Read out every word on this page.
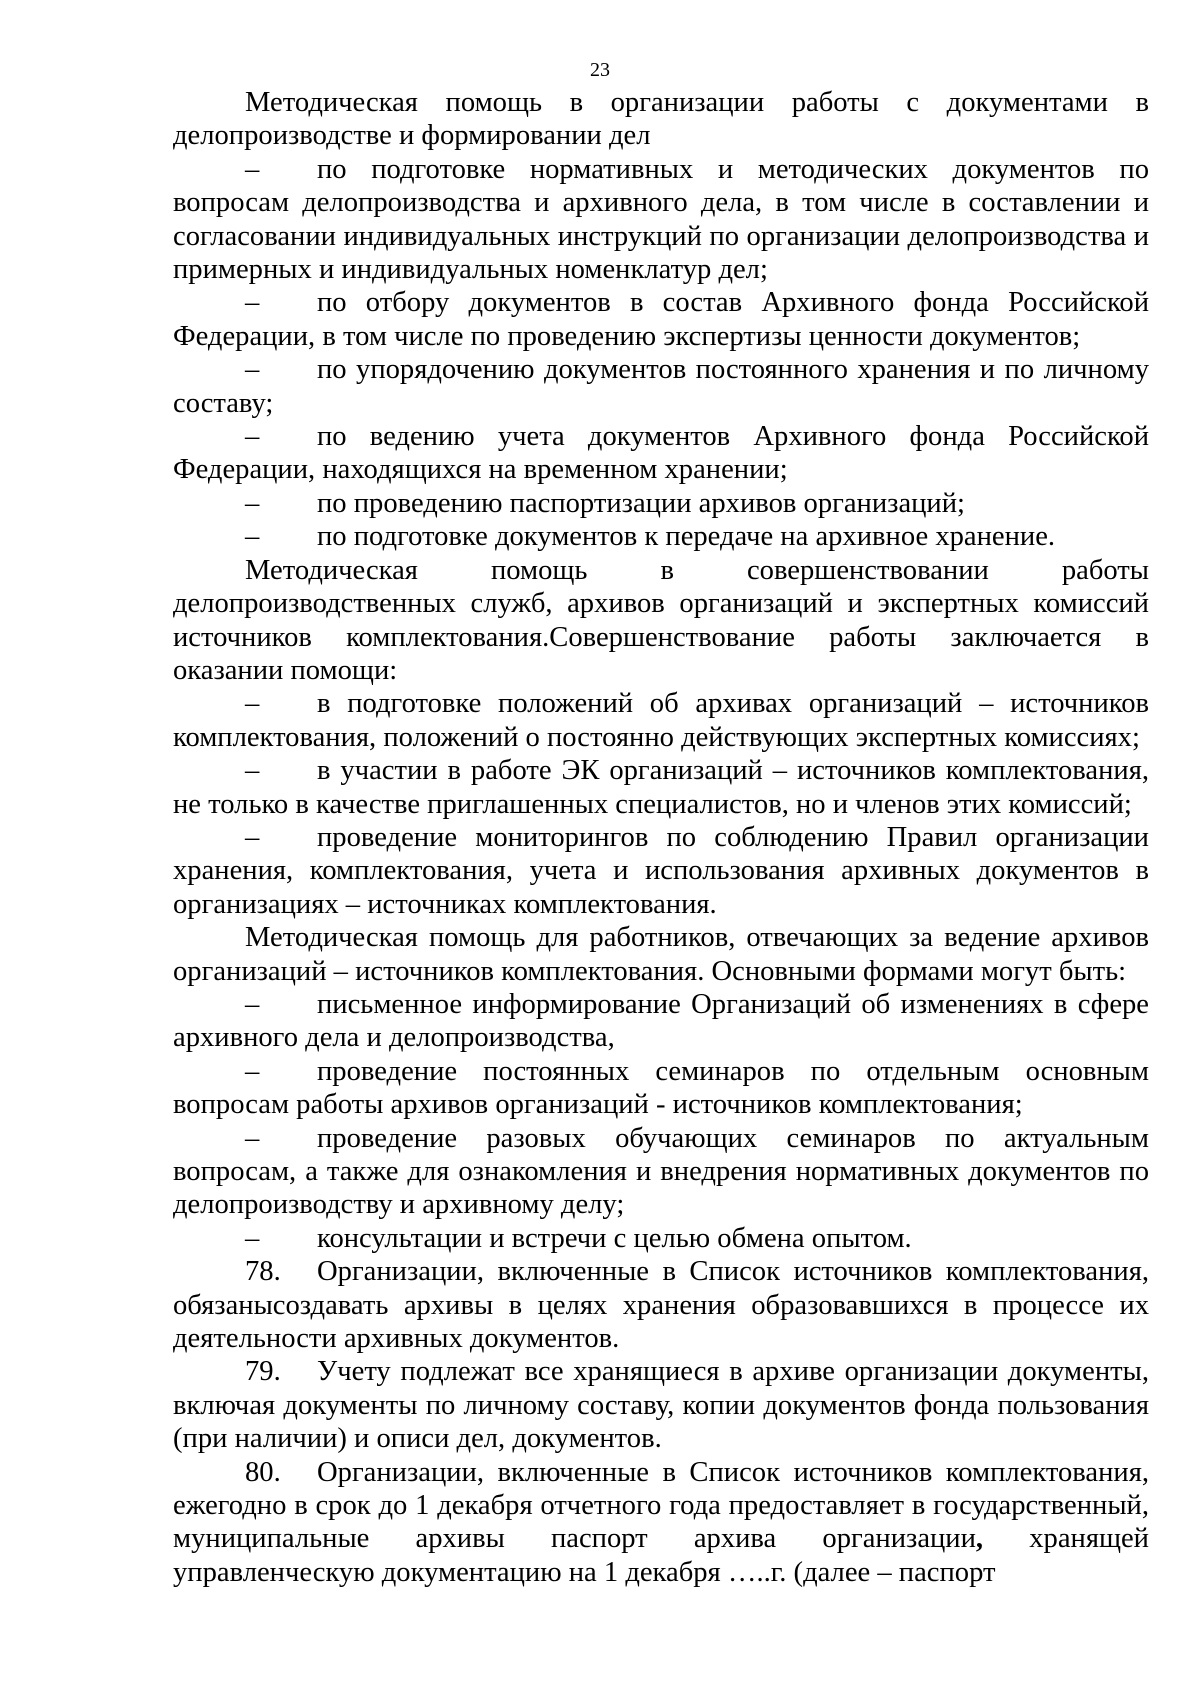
23

Методическая помощь в организации работы с документами в делопроизводстве и формировании дел

– по подготовке нормативных и методических документов по вопросам делопроизводства и архивного дела, в том числе в составлении и согласовании индивидуальных инструкций по организации делопроизводства и примерных и индивидуальных номенклатур дел;

– по отбору документов в состав Архивного фонда Российской Федерации, в том числе по проведению экспертизы ценности документов;

– по упорядочению документов постоянного хранения и по личному составу;

– по ведению учета документов Архивного фонда Российской Федерации, находящихся на временном хранении;

– по проведению паспортизации архивов организаций;

– по подготовке документов к передаче на архивное хранение.

Методическая помощь в совершенствовании работы делопроизводственных служб, архивов организаций и экспертных комиссий источников комплектования.Совершенствование работы заключается в оказании помощи:

– в подготовке положений об архивах организаций – источников комплектования, положений о постоянно действующих экспертных комиссиях;

– в участии в работе ЭК организаций – источников комплектования, не только в качестве приглашенных специалистов, но и членов этих комиссий;

– проведение мониторингов по соблюдению Правил организации хранения, комплектования, учета и использования архивных документов в организациях – источниках комплектования.

Методическая помощь для работников, отвечающих за ведение архивов организаций – источников комплектования. Основными формами могут быть:

– письменное информирование Организаций об изменениях в сфере архивного дела и делопроизводства,

– проведение постоянных семинаров по отдельным основным вопросам работы архивов организаций - источников комплектования;

– проведение разовых обучающих семинаров по актуальным вопросам, а также для ознакомления и внедрения нормативных документов по делопроизводству и архивному делу;

– консультации и встречи с целью обмена опытом.

78. Организации, включенные в Список источников комплектования, обязанысоздавать архивы в целях хранения образовавшихся в процессе их деятельности архивных документов.

79. Учету подлежат все хранящиеся в архиве организации документы, включая документы по личному составу, копии документов фонда пользования (при наличии) и описи дел, документов.

80. Организации, включенные в Список источников комплектования, ежегодно в срок до 1 декабря отчетного года предоставляет в государственный, муниципальные архивы паспорт архива организации, хранящей управленческую документацию на 1 декабря …..г. (далее – паспорт
